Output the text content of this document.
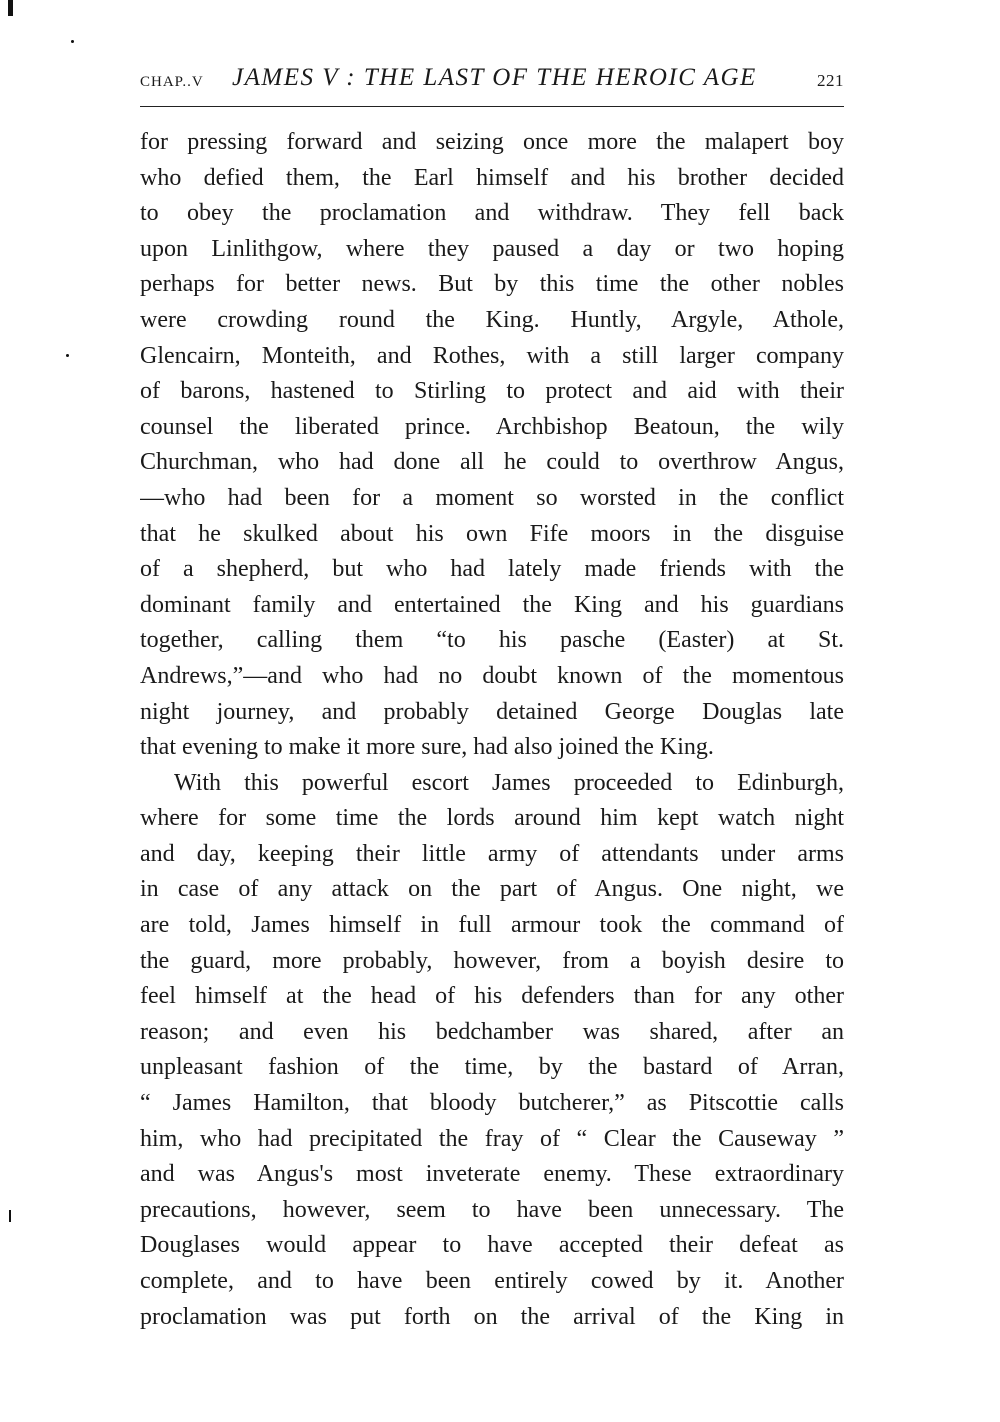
CHAP..V JAMES V : THE LAST OF THE HEROIC AGE	221
for pressing forward and seizing once more the malapert boy
who defied them, the Earl himself and his brother decided
to obey the proclamation and withdraw. They fell back
upon Linlithgow, where they paused a day or two hoping
perhaps for better news. But by this time the other nobles
were crowding round the King. Huntly, Argyle, Athole,
Glencairn, Monteith, and Rothes, with a still larger company
of barons, hastened to Stirling to protect and aid with their
counsel the liberated prince. Archbishop Beatoun, the wily
Churchman, who had done all he could to overthrow Angus,
—who had been for a moment so worsted in the conflict
that he skulked about his own Fife moors in the disguise
of a shepherd, but who had lately made friends with the
dominant family and entertained the King and his guardians
together, calling them “to his pasche (Easter) at St.
Andrews,”—and who had no doubt known of the momentous
night journey, and probably detained George Douglas late
that evening to make it more sure, had also joined the King.
With this powerful escort James proceeded to Edinburgh,
where for some time the lords around him kept watch night
and day, keeping their little army of attendants under arms
in case of any attack on the part of Angus. One night, we
are told, James himself in full armour took the command of
the guard, more probably, however, from a boyish desire to
feel himself at the head of his defenders than for any other
reason; and even his bedchamber was shared, after an
unpleasant fashion of the time, by the bastard of Arran,
“ James Hamilton, that bloody butcherer,” as Pitscottie calls
him, who had precipitated the fray of “ Clear the Causeway ”
and was Angus's most inveterate enemy. These extraordinary
precautions, however, seem to have been unnecessary. The
Douglases would appear to have accepted their defeat as
complete, and to have been entirely cowed by it. Another
proclamation was put forth on the arrival of the King in
